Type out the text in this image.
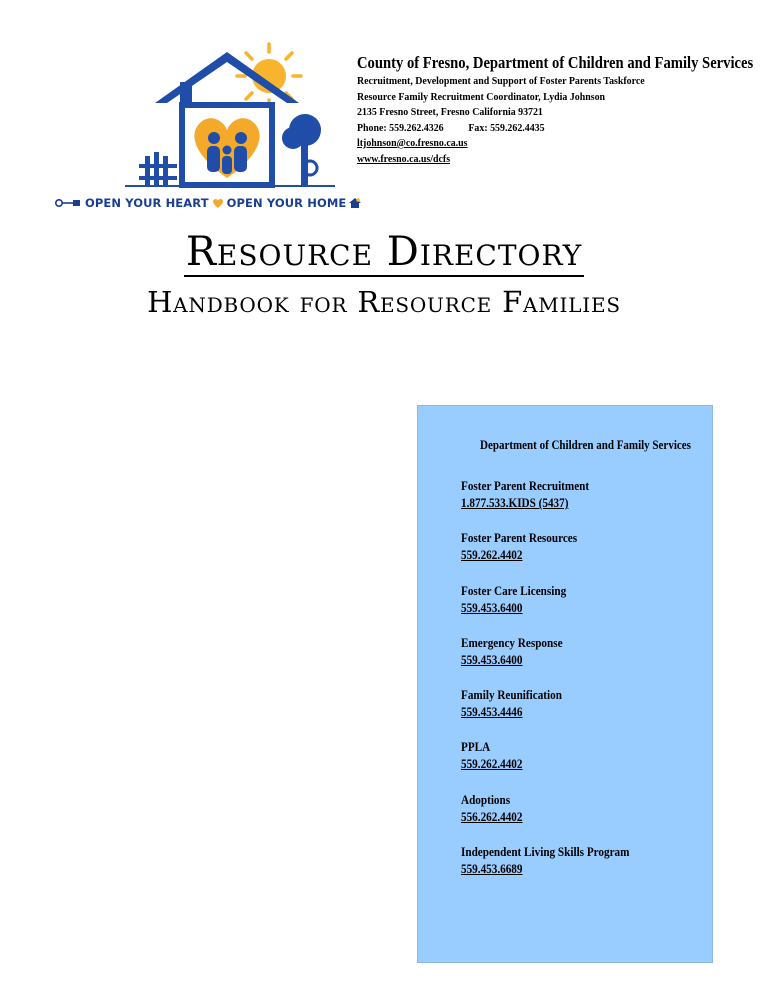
OPEN YOUR HEART OPEN YOUR HOME
County of Fresno, Department of Children and Family Services
Recruitment, Development and Support of Foster Parents Taskforce
Resource Family Recruitment Coordinator, Lydia Johnson
2135 Fresno Street, Fresno California 93721
Phone: 559.262.4326 Fax: 559.262.4435
ltjohnson@co.fresno.ca.us
www.fresno.ca.us/dcfs
Resource Directory
Handbook for Resource Families
Department of Children and Family Services
Foster Parent Recruitment
1.877.533.KIDS (5437)
Foster Parent Resources
559.262.4402
Foster Care Licensing
559.453.6400
Emergency Response
559.453.6400
Family Reunification
559.453.4446
PPLA
559.262.4402
Adoptions
556.262.4402
Independent Living Skills Program
559.453.6689
